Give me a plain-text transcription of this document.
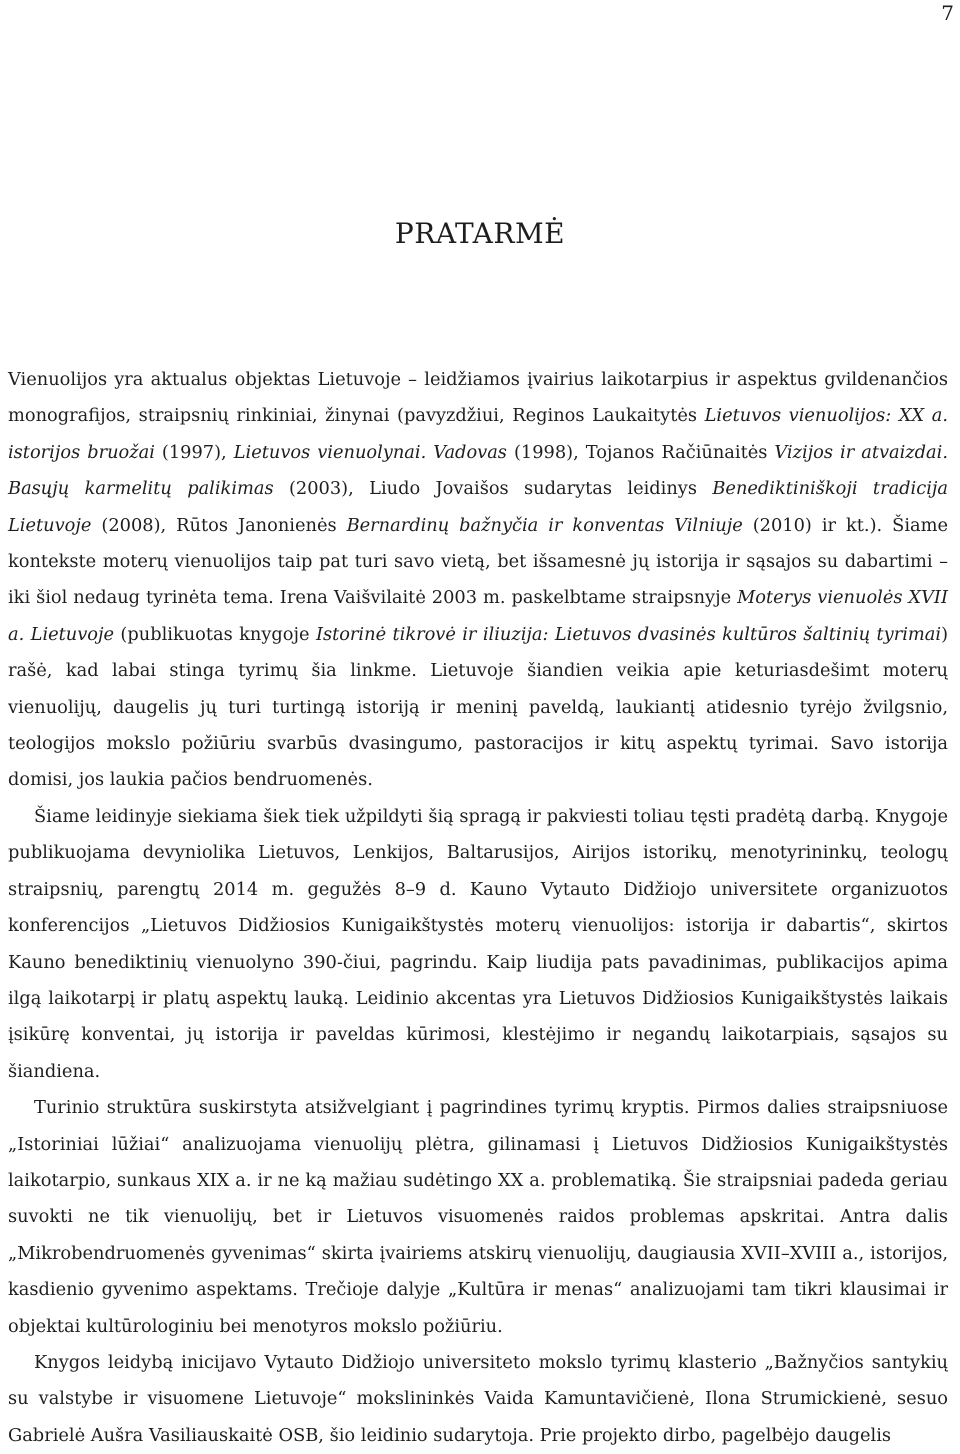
7
PRATARMĖ

Vienuolijos yra aktualus objektas Lietuvoje – leidžiamos įvairius laikotarpius ir aspektus gvildenančios monografijos, straipsnių rinkiniai, žinynai (pavyzdžiui, Reginos Laukaitytės Lietuvos vienuolijos: XX a. istorijos bruožai (1997), Lietuvos vienuolynai. Vadovas (1998), Tojanos Račiūnaitės Vizijos ir atvaizdai. Basųjų karmelitų palikimas (2003), Liudo Jovaišos sudarytas leidinys Benediktiniškoji tradicija Lietuvoje (2008), Rūtos Janonienės Bernardinų bažnyčia ir konventas Vilniuje (2010) ir kt.). Šiame kontekste moterų vienuolijos taip pat turi savo vietą, bet išsamesnė jų istorija ir sąsajos su dabartimi – iki šiol nedaug tyrinėta tema. Irena Vaišvilaitė 2003 m. paskelbtame straipsnyje Moterys vienuolės XVII a. Lietuvoje (publikuotas knygoje Istorinė tikrovė ir iliuzija: Lietuvos dvasinės kultūros šaltinių tyrimai) rašė, kad labai stinga tyrimų šia linkme. Lietuvoje šiandien veikia apie keturiasdešimt moterų vienuolijų, daugelis jų turi turtingą istoriją ir meninį paveldą, laukiantį atidesnio tyrėjo žvilgsnio, teologijos mokslo požiūriu svarbūs dvasingumo, pastoracijos ir kitų aspektų tyrimai. Savo istorija domisi, jos laukia pačios bendruomenės.

Šiame leidinyje siekiama šiek tiek užpildyti šią spragą ir pakviesti toliau tęsti pradėtą darbą. Knygoje publikuojama devyniolika Lietuvos, Lenkijos, Baltarusijos, Airijos istorikų, menotyrininkų, teologų straipsnių, parengtų 2014 m. gegužės 8–9 d. Kauno Vytauto Didžiojo universitete organizuotos konferencijos „Lietuvos Didžiosios Kunigaikštystės moterų vienuolijos: istorija ir dabartis“, skirtos Kauno benediktinių vienuolyno 390-čiui, pagrindu. Kaip liudija pats pavadinimas, publikacijos apima ilgą laikotarpį ir platų aspektų lauką. Leidinio akcentas yra Lietuvos Didžiosios Kunigaikštystės laikais įsikūrę konventai, jų istorija ir paveldas kūrimosi, klestėjimo ir negandų laikotarpiais, sąsajos su šiandiena.

Turinio struktūra suskirstyta atsižvelgiant į pagrindines tyrimų kryptis. Pirmos dalies straipsniuose „Istoriniai lūžiai“ analizuojama vienuolijų plėtra, gilinamasi į Lietuvos Didžiosios Kunigaikštystės laikotarpio, sunkaus XIX a. ir ne ką mažiau sudėtingo XX a. problematiką. Šie straipsniai padeda geriau suvokti ne tik vienuolijų, bet ir Lietuvos visuomenės raidos problemas apskritai. Antra dalis „Mikrobendruomenės gyvenimas“ skirta įvairiems atskirų vienuolijų, daugiausia XVII–XVIII a., istorijos, kasdienio gyvenimo aspektams. Trečioje dalyje „Kultūra ir menas“ analizuojami tam tikri klausimai ir objektai kultūrologiniu bei menotyros mokslo požiūriu.

Knygos leidybą inicijavo Vytauto Didžiojo universiteto mokslo tyrimų klasterio „Bažnyčios santykių su valstybe ir visuomene Lietuvoje“ mokslininkės Vaida Kamuntavičienė, Ilona Strumickienė, sesuo Gabrielė Aušra Vasiliauskaitė OSB, šio leidinio sudarytoja. Prie projekto dirbo, pagelbėjo daugelis
